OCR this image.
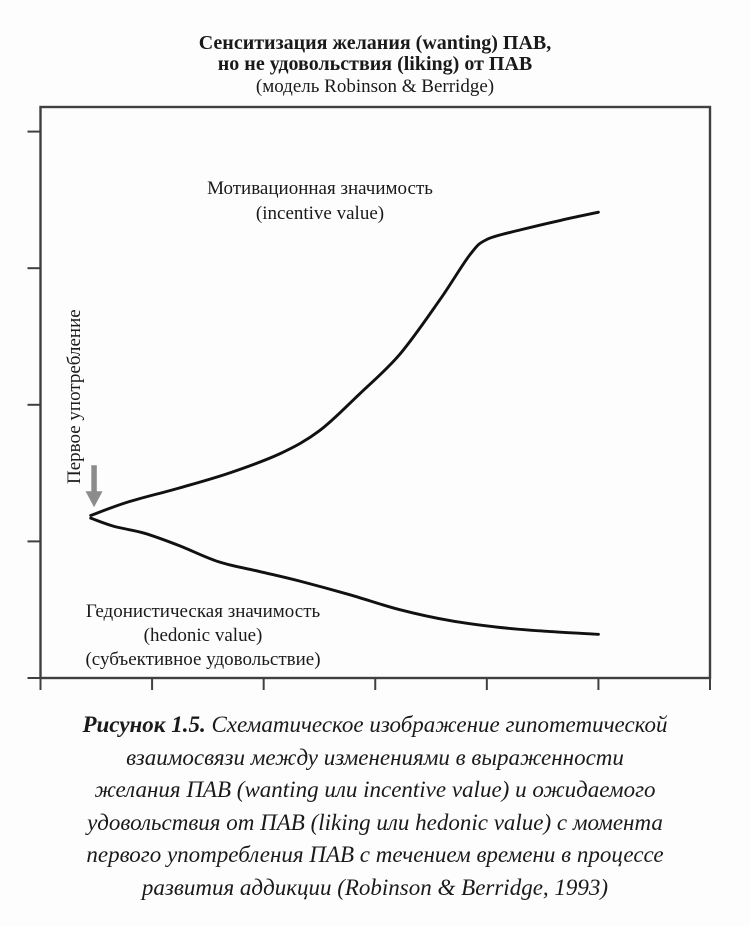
Сенситизация желания (wanting) ПАВ,
но не удовольствия (liking) от ПАВ
(модель Robinson & Berridge)
Мотивационная значимость
(incentive value)
Первое употребление
Гедонистическая значимость
(hedonic value)
(субъективное удовольствие)
Рисунок 1.5. Схематическое изображение гипотетической
взаимосвязи между изменениями в выраженности
желания ПАВ (wanting или incentive value) и ожидаемого
удовольствия от ПАВ (liking или hedonic value) с момента
первого употребления ПАВ с течением времени в процессе
развития аддикции (Robinson & Berridge, 1993)
